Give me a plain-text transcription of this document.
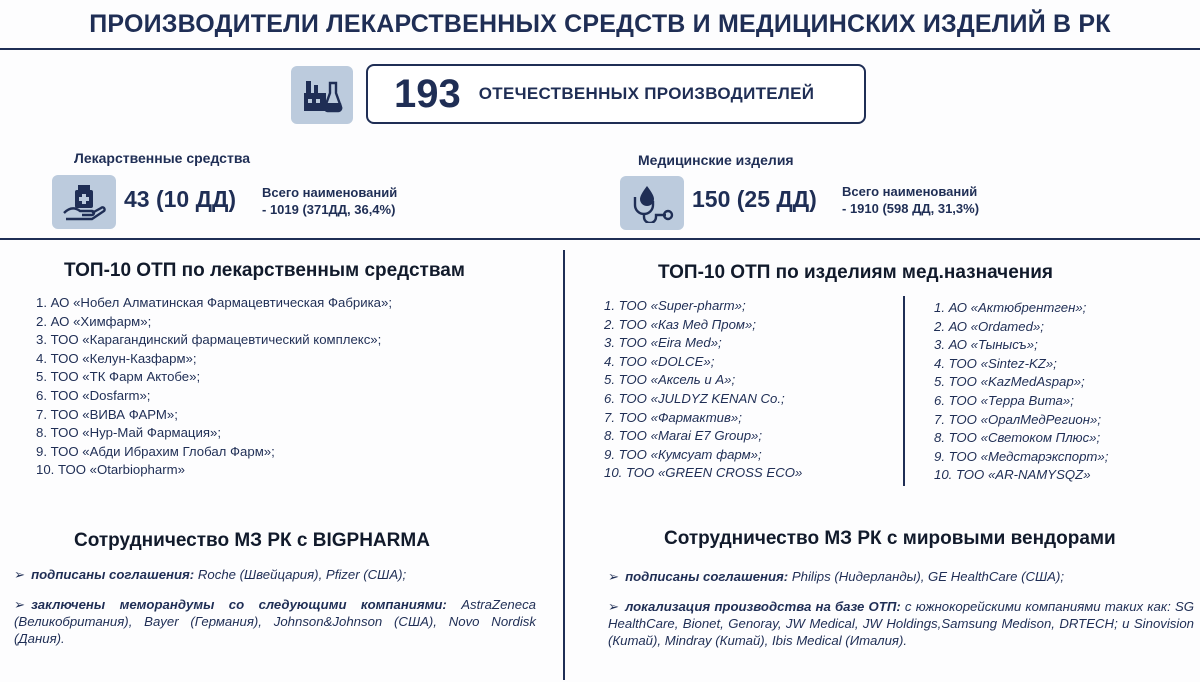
ПРОИЗВОДИТЕЛИ ЛЕКАРСТВЕННЫХ СРЕДСТВ И МЕДИЦИНСКИХ ИЗДЕЛИЙ В РК
193 ОТЕЧЕСТВЕННЫХ ПРОИЗВОДИТЕЛЕЙ
Лекарственные средства
43 (10 ДД) Всего наименований
- 1019 (371ДД, 36,4%)
Медицинские изделия
150 (25 ДД) Всего наименований
- 1910 (598 ДД, 31,3%)
ТОП-10 ОТП по лекарственным средствам
1. АО «Нобел Алматинская Фармацевтическая Фабрика»;
2. АО «Химфарм»;
3. ТОО «Карагандинский фармацевтический комплекс»;
4. ТОО «Келун-Казфарм»;
5. ТОО «ТК Фарм Актобе»;
6. ТОО «Dosfarm»;
7. ТОО «ВИВА ФАРМ»;
8. ТОО «Нур-Май Фармация»;
9. ТОО «Абди Ибрахим Глобал Фарм»;
10. ТОО «Otarbiopharm»
ТОП-10 ОТП по изделиям мед.назначения
1. ТОО «Super-pharm»;
2. ТОО «Каз Мед Пром»;
3. ТОО «Eira Med»;
4. ТОО «DOLCE»;
5. ТОО «Аксель и А»;
6. ТОО «JULDYZ KENAN Co.;
7. ТОО «Фармактив»;
8. ТОО «Marai E7 Group»;
9. ТОО «Кумсуат фарм»;
10. ТОО «GREEN CROSS ECO»
1. АО «Актюбрентген»;
2. АО «Ordamed»;
3. АО «Тынысъ»;
4. ТОО «Sintez-KZ»;
5. ТОО «KazMedAspap»;
6. ТОО «Терра Вита»;
7. ТОО «ОралМедРегион»;
8. ТОО «Светоком Плюс»;
9. ТОО «Медстарэкспорт»;
10. ТОО «AR-NAMYSQZ»
Сотрудничество МЗ РК с BIGPHARMA
➢ подписаны соглашения: Roche (Швейцария), Pfizer (США);
➢ заключены меморандумы со следующими компаниями: AstraZeneca (Великобритания), Bayer (Германия), Johnson&Johnson (США), Novo Nordisk (Дания).
Сотрудничество МЗ РК с мировыми вендорами
➢ подписаны соглашения: Philips (Нидерланды), GE HealthCare (США);
➢ локализация производства на базе ОТП: с южнокорейскими компаниями таких как: SG HealthCare, Bionet, Genoray, JW Medical, JW Holdings,Samsung Medison, DRTECH; и Sinovision (Китай), Mindray (Китай), Ibis Medical (Италия).
